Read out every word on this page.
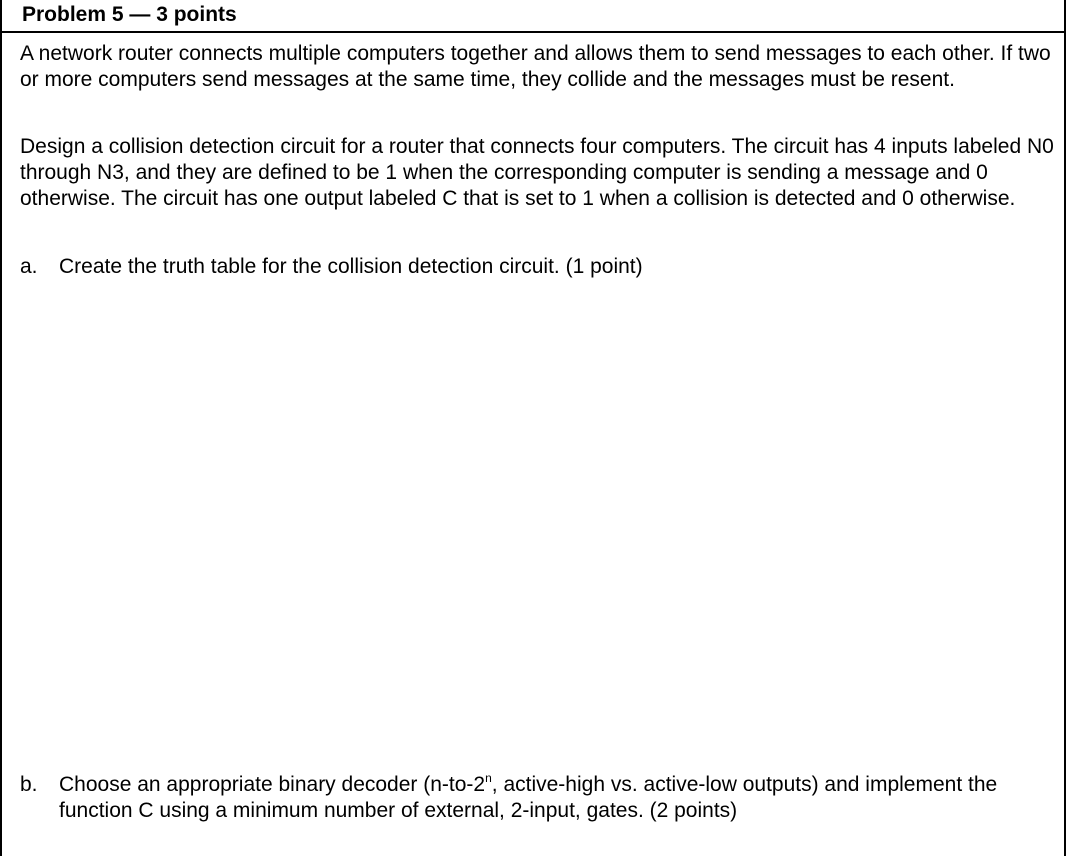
Problem 5 — 3 points

A network router connects multiple computers together and allows them to send messages to each other. If two or more computers send messages at the same time, they collide and the messages must be resent.

Design a collision detection circuit for a router that connects four computers. The circuit has 4 inputs labeled N0 through N3, and they are defined to be 1 when the corresponding computer is sending a message and 0 otherwise. The circuit has one output labeled C that is set to 1 when a collision is detected and 0 otherwise.

a. Create the truth table for the collision detection circuit. (1 point)
b. Choose an appropriate binary decoder (n-to-2$^n$, active-high vs. active-low outputs) and implement the function C using a minimum number of external, 2-input, gates. (2 points)
